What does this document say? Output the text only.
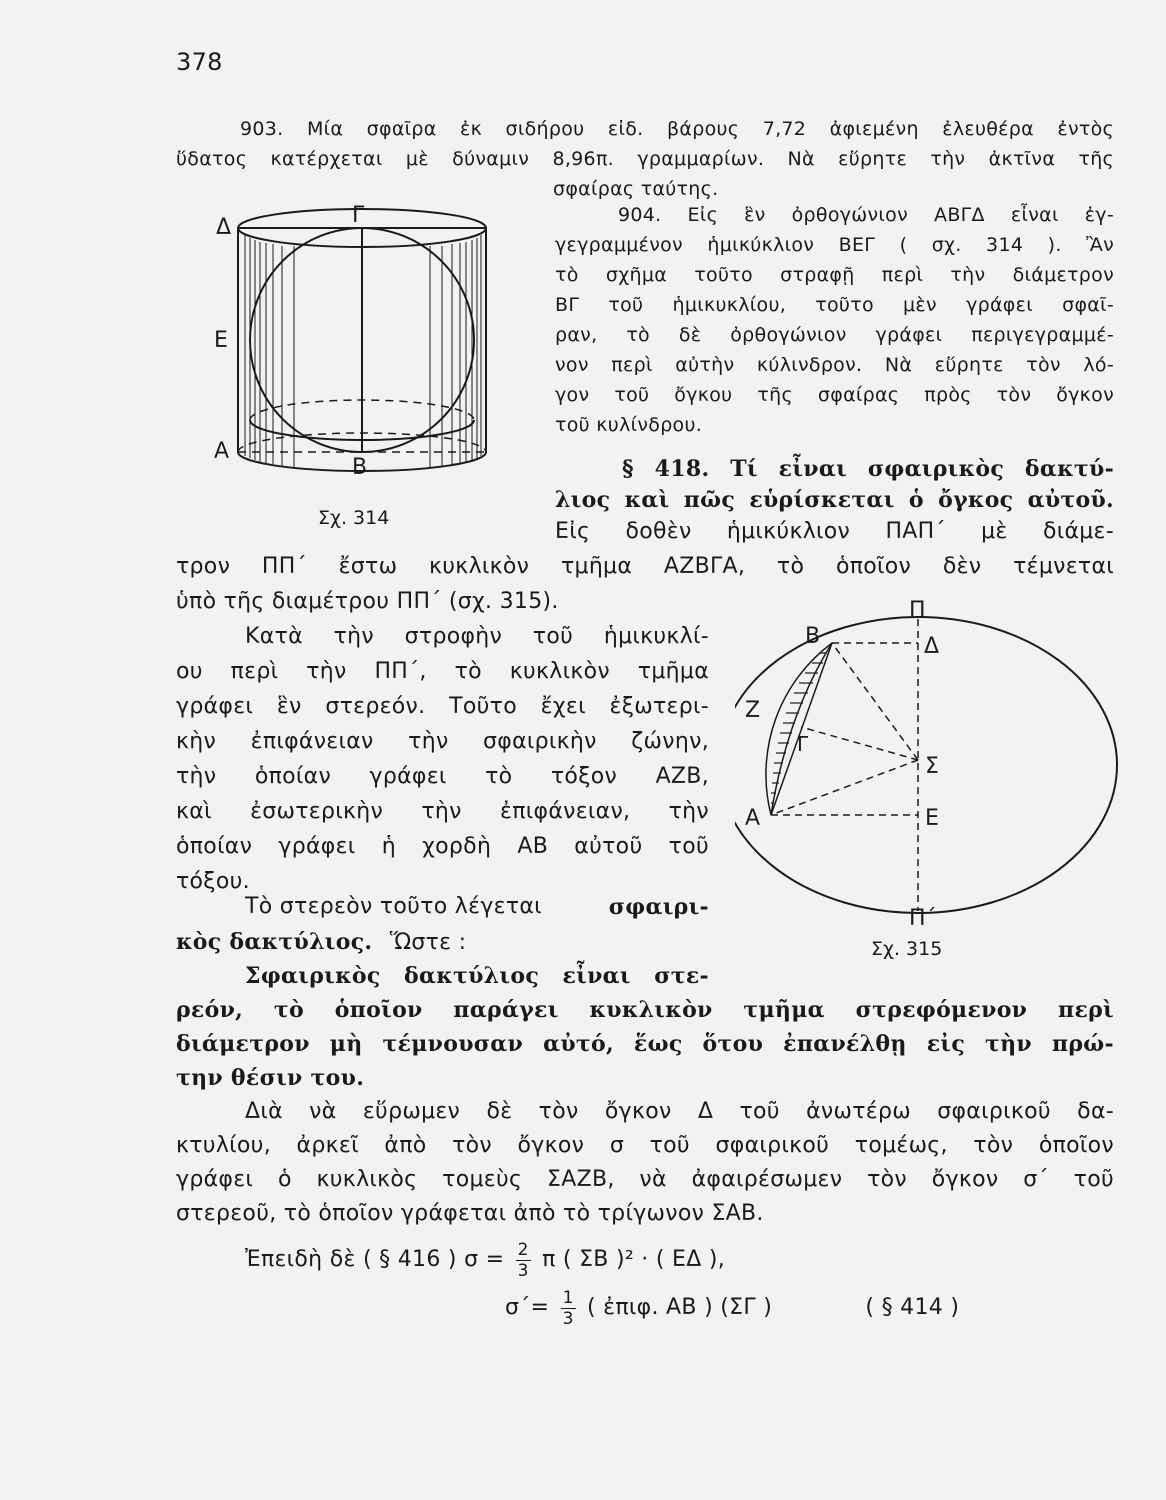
378
903. Μία σφαῖρα ἐκ σιδήρου εἰδ. βάρους 7,72 ἀφιεμένη ἐλευθέρα ἐντὸς
ὕδατος κατέρχεται μὲ δύναμιν 8,96π. γραμμαρίων. Νὰ εὕρητε τὴν ἀκτῖνα τῆς
σφαίρας ταύτης.
904. Εἰς ἓν ὀρθογώνιον ΑΒΓΔ εἶναι ἐγ-
γεγραμμένον ἡμικύκλιον ΒΕΓ ( σχ. 314 ). Ἂν
τὸ σχῆμα τοῦτο στραφῇ περὶ τὴν διάμετρον
ΒΓ τοῦ ἡμικυκλίου, τοῦτο μὲν γράφει σφαῖ-
ραν, τὸ δὲ ὀρθογώνιον γράφει περιγεγραμμέ-
νον περὶ αὐτὴν κύλινδρον. Νὰ εὕρητε τὸν λό-
γον τοῦ ὄγκου τῆς σφαίρας πρὸς τὸν ὄγκον
τοῦ κυλίνδρου.
Δ	Γ
Ε
Α
Β
Σχ. 314
§ 418. Τί εἶναι σφαιρικὸς δακτύ-
λιος καὶ πῶς εὑρίσκεται ὁ ὄγκος αὐτοῦ.
Εἰς δοθὲν ἡμικύκλιον ΠΑΠ΄ μὲ διάμε-
τρον ΠΠ΄ ἔστω κυκλικὸν τμῆμα ΑΖΒΓΑ, τὸ ὁποῖον δὲν τέμνεται
ὑπὸ τῆς διαμέτρου ΠΠ΄ (σχ. 315).
Κατὰ τὴν στροφὴν τοῦ ἡμικυκλί-
ου περὶ τὴν ΠΠ΄, τὸ κυκλικὸν τμῆμα
γράφει ἓν στερεόν. Τοῦτο ἔχει ἐξωτερι-
κὴν ἐπιφάνειαν τὴν σφαιρικὴν ζώνην,
τὴν ὁποίαν γράφει τὸ τόξον ΑΖΒ,
καὶ ἐσωτερικὴν τὴν ἐπιφάνειαν, τὴν
ὁποίαν γράφει ἡ χορδὴ ΑΒ αὐτοῦ τοῦ
τόξου.
Τὸ στερεὸν τοῦτο λέγεται	σφαιρι-
κὸς δακτύλιος. Ὥστε :
Σφαιρικὸς δακτύλιος εἶναι στε-
ρεόν, τὸ ὁποῖον παράγει κυκλικὸν τμῆμα στρεφόμενον περὶ
διάμετρον μὴ τέμνουσαν αὐτό, ἕως ὅτου ἐπανέλθῃ εἰς τὴν πρώ-
την θέσιν του.
Διὰ νὰ εὕρωμεν δὲ τὸν ὄγκον Δ τοῦ ἀνωτέρω σφαιρικοῦ δα-
κτυλίου, ἀρκεῖ ἀπὸ τὸν ὄγκον σ τοῦ σφαιρικοῦ τομέως, τὸν ὁποῖον
γράφει ὁ κυκλικὸς τομεὺς ΣΑΖΒ, νὰ ἀφαιρέσωμεν τὸν ὄγκον σ΄ τοῦ
στερεοῦ, τὸ ὁποῖον γράφεται ἀπὸ τὸ τρίγωνον ΣΑΒ.
Ἐπειδὴ δὲ ( § 416 ) $\sigma = \frac{2}{3}$ π ( ΣΒ )² · ( ΕΔ ),
$\sigma΄= \frac{1}{3}$ ( ἐπιφ. ΑΒ ) (ΣΓ )	( § 414 )
Π
Δ
Β
Ζ
Γ
Σ
Α	Ε
Π΄
Σχ. 315
